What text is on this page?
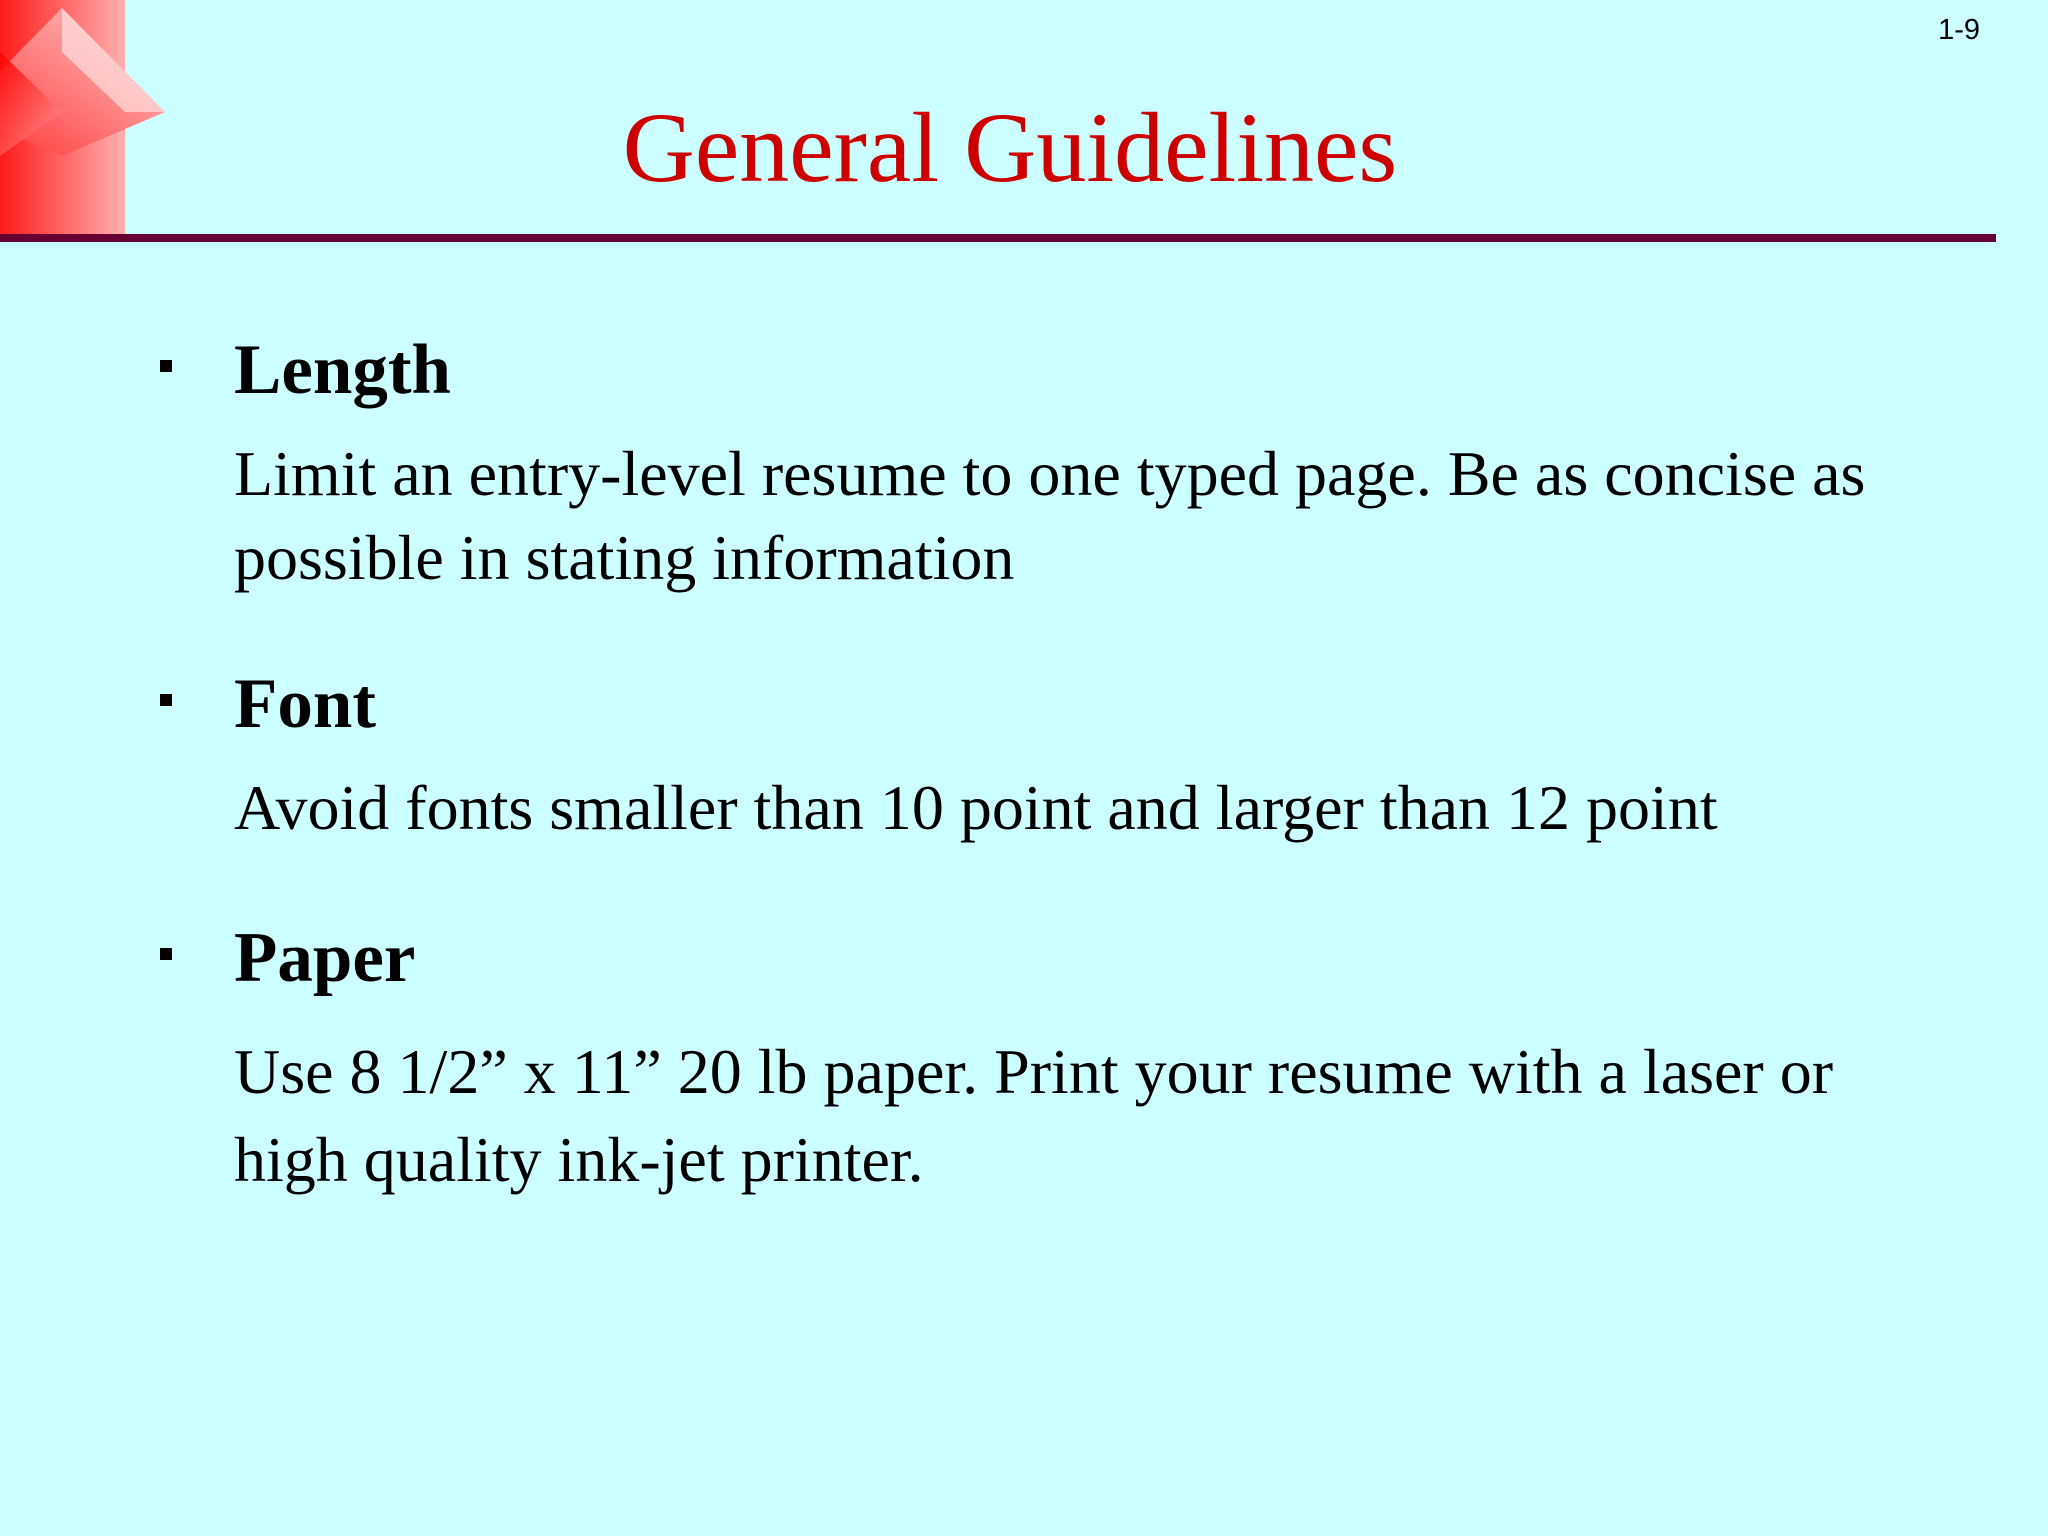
1-9
General Guidelines
Length
Limit an entry-level resume to one typed page. Be as concise as possible in stating information
Font
Avoid fonts smaller than 10 point and larger than 12 point
Paper
Use 8 1/2” x 11” 20 lb paper. Print your resume with a laser or high quality ink-jet printer.
